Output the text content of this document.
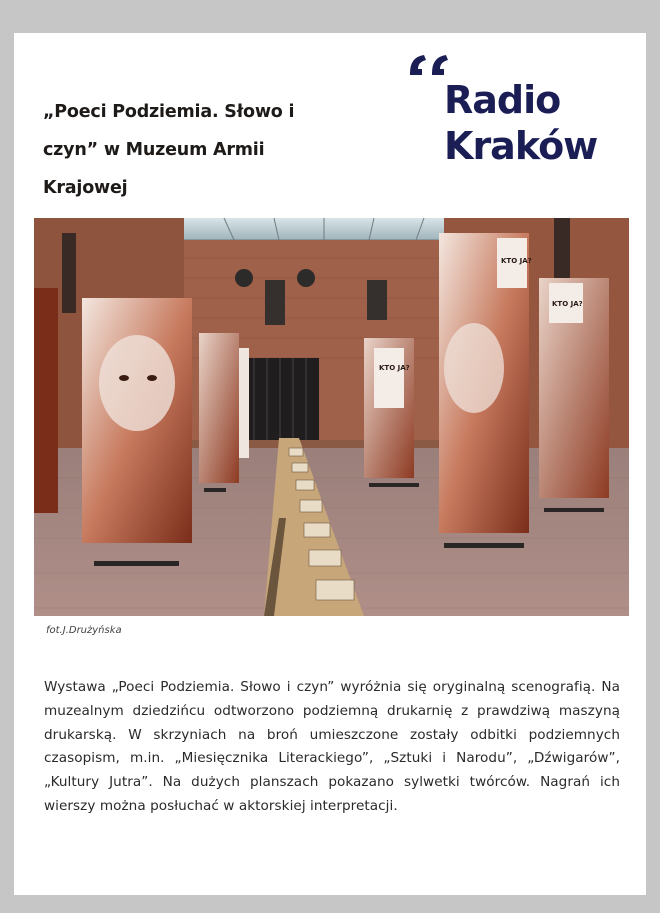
„Poeci Podziemia. Słowo i czyn” w Muzeum Armii Krajowej
Radio
Kraków
KTO JA?
KTO JA?
KTO JA?
fot.J.Drużyńska

Wystawa „Poeci Podziemia. Słowo i czyn” wyróżnia się oryginalną scenografią. Na muzealnym dziedzińcu odtworzono podziemną drukarnię z prawdziwą maszyną drukarską. W skrzyniach na broń umieszczone zostały odbitki podziemnych czasopism, m.in. „Miesięcznika Literackiego”, „Sztuki i Narodu”, „Dźwigarów”, „Kultury Jutra”. Na dużych planszach pokazano sylwetki twórców. Nagrań ich wierszy można posłuchać w aktorskiej interpretacji.
